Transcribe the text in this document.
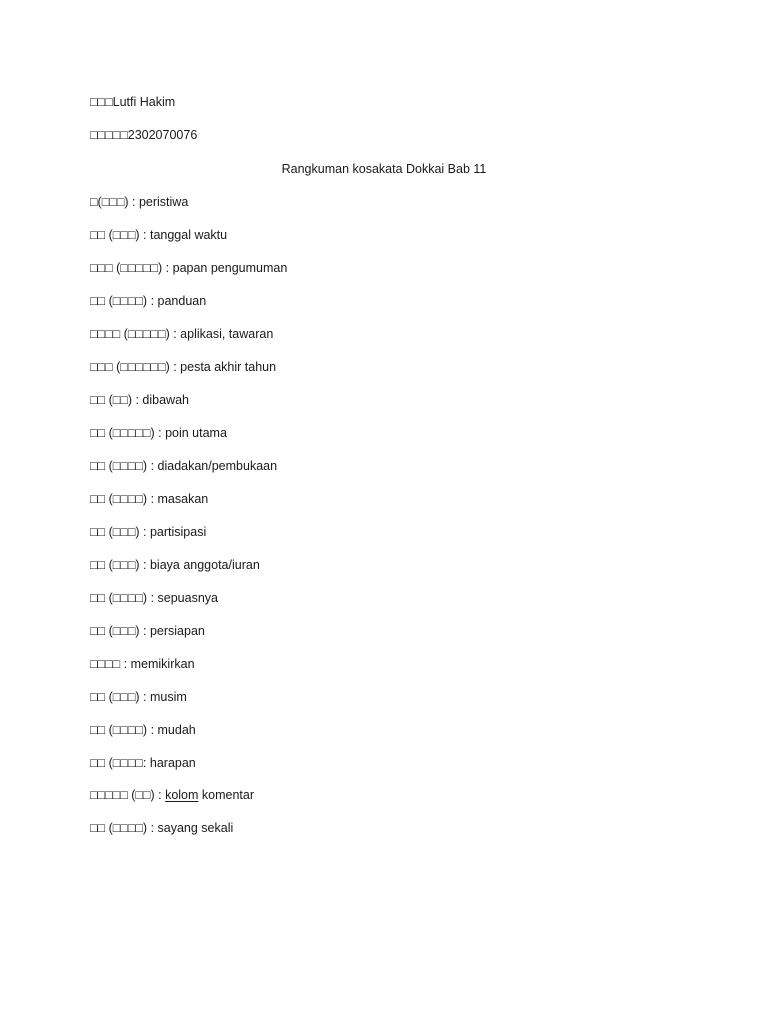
□□□Lutfi Hakim
□□□□□2302070076
Rangkuman kosakata Dokkai Bab 11
□(□□□) : peristiwa
□□ (□□□) : tanggal waktu
□□□ (□□□□□) : papan pengumuman
□□ (□□□□) : panduan
□□□□ (□□□□□) : aplikasi, tawaran
□□□ (□□□□□□) : pesta akhir tahun
□□ (□□) : dibawah
□□ (□□□□□) : poin utama
□□ (□□□□) : diadakan/pembukaan
□□ (□□□□) : masakan
□□ (□□□) : partisipasi
□□ (□□□) : biaya anggota/iuran
□□ (□□□□) : sepuasnya
□□ (□□□) : persiapan
□□□□ : memikirkan
□□ (□□□) : musim
□□ (□□□□) : mudah
□□ (□□□□: harapan
□□□□□ (□□) : kolom komentar
□□ (□□□□) : sayang sekali
